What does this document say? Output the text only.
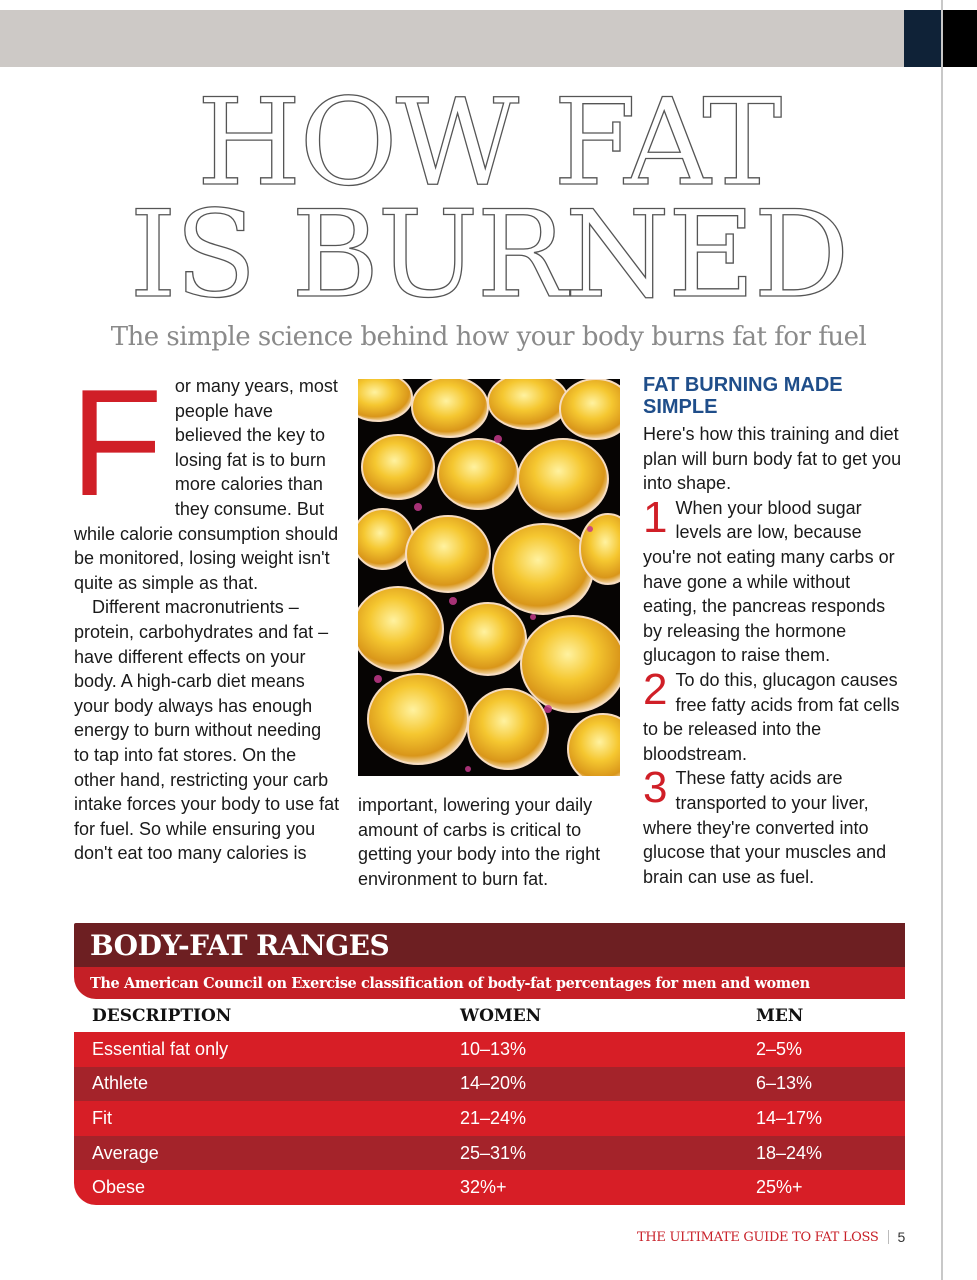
HOW FAT
IS BURNED
The simple science behind how your body burns fat for fuel
F or many years, most people have believed the key to losing fat is to burn more calories than they consume. But while calorie consumption should be monitored, losing weight isn't quite as simple as that.

Different macronutrients – protein, carbohydrates and fat – have different effects on your body. A high-carb diet means your body always has enough energy to burn without needing to tap into fat stores. On the other hand, restricting your carb intake forces your body to use fat for fuel. So while ensuring you don't eat too many calories is

important, lowering your daily amount of carbs is critical to getting your body into the right environment to burn fat.

FAT BURNING MADE SIMPLE

Here's how this training and diet plan will burn body fat to get you into shape.

1 When your blood sugar levels are low, because you're not eating many carbs or have gone a while without eating, the pancreas responds by releasing the hormone glucagon to raise them.

2 To do this, glucagon causes free fatty acids from fat cells to be released into the bloodstream.

3 These fatty acids are transported to your liver, where they're converted into glucose that your muscles and brain can use as fuel.

BODY-FAT RANGES
The American Council on Exercise classification of body-fat percentages for men and women
DESCRIPTION	WOMEN	MEN
Essential fat only	10–13%	2–5%
Athlete	14–20%	6–13%
Fit	21–24%	14–17%
Average	25–31%	18–24%
Obese	32%+	25%+
THE ULTIMATE GUIDE TO FAT LOSS 5
